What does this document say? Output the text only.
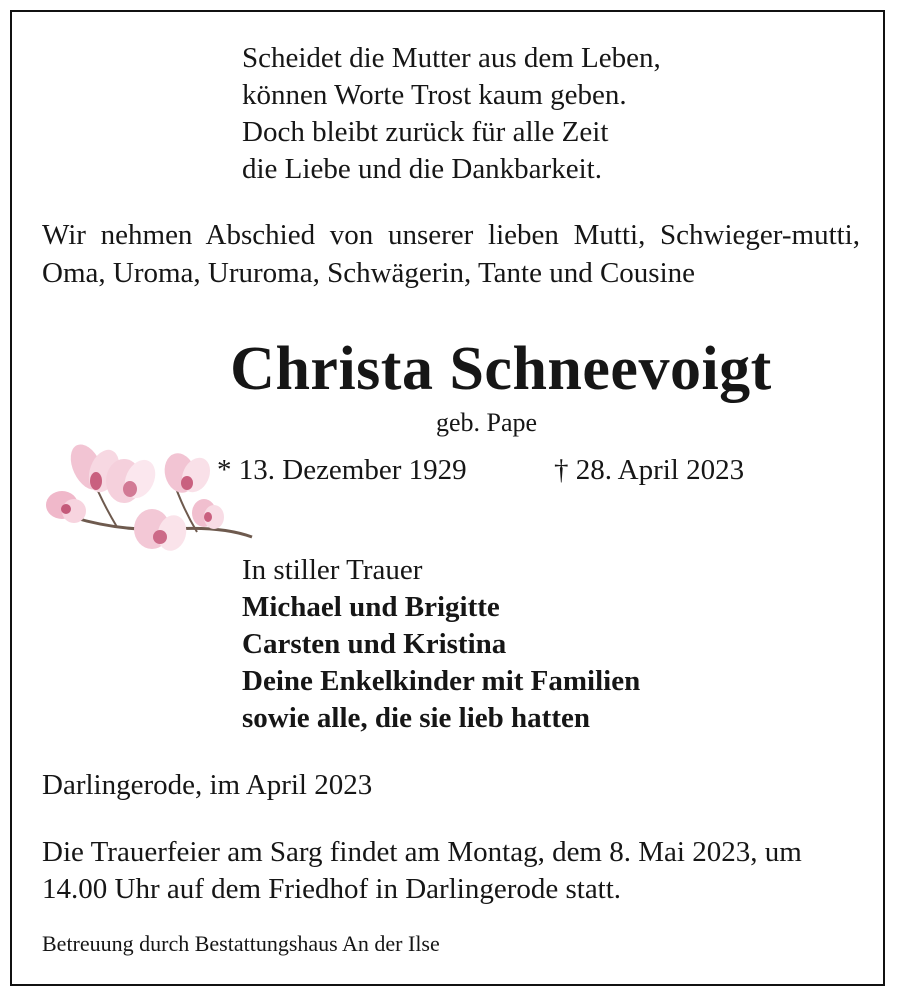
Scheidet die Mutter aus dem Leben,
können Worte Trost kaum geben.
Doch bleibt zurück für alle Zeit
die Liebe und die Dankbarkeit.
Wir nehmen Abschied von unserer lieben Mutti, Schwieger-mutti, Oma, Uroma, Ururoma, Schwägerin, Tante und Cousine
Christa Schneevoigt
geb. Pape
* 13. Dezember 1929	† 28. April 2023
In stiller Trauer
Michael und Brigitte
Carsten und Kristina
Deine Enkelkinder mit Familien
sowie alle, die sie lieb hatten
Darlingerode, im April 2023
Die Trauerfeier am Sarg findet am Montag, dem 8. Mai 2023, um 14.00 Uhr auf dem Friedhof in Darlingerode statt.
Betreuung durch Bestattungshaus An der Ilse
